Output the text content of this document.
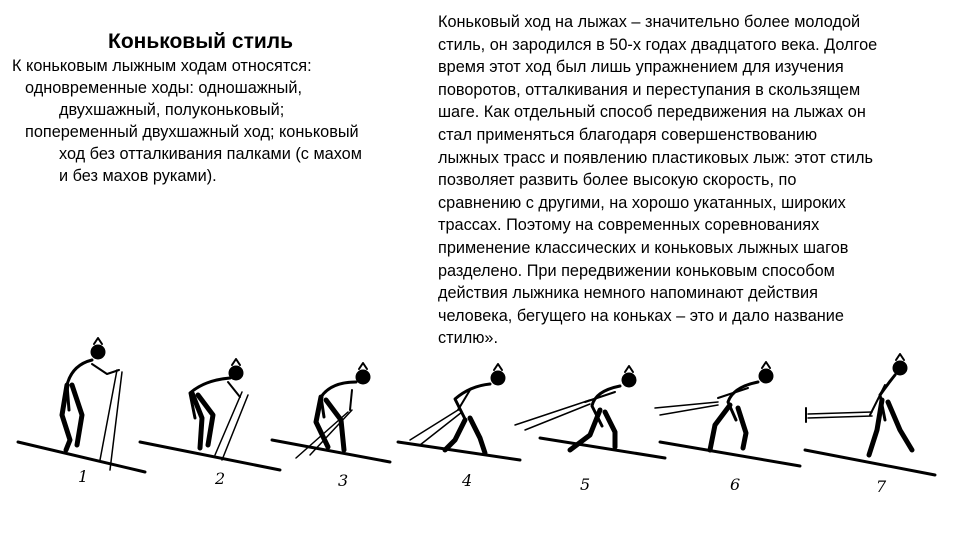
Коньковый стиль
К коньковым лыжным ходам относятся:
одновременные ходы: одношажный,
двухшажный, полуконьковый;
попеременный двухшажный ход; коньковый
ход без отталкивания палками (с махом
и без махов руками).
Коньковый ход на лыжах – значительно более молодой
стиль, он зародился в 50-х годах двадцатого века. Долгое
время этот ход был лишь упражнением для изучения
поворотов, отталкивания и переступания в скользящем
шаге. Как отдельный способ передвижения на лыжах он
стал применяться благодаря совершенствованию
лыжных трасс и появлению пластиковых лыж: этот стиль
позволяет развить более высокую скорость, по
сравнению с другими, на хорошо укатанных, широких
трассах. Поэтому на современных соревнованиях
применение классических и коньковых лыжных шагов
разделено. При передвижении коньковым способом
действия лыжника немного напоминают действия
человека, бегущего на коньках – это и дало название
стилю».
1	2	3	4	5	6	7
